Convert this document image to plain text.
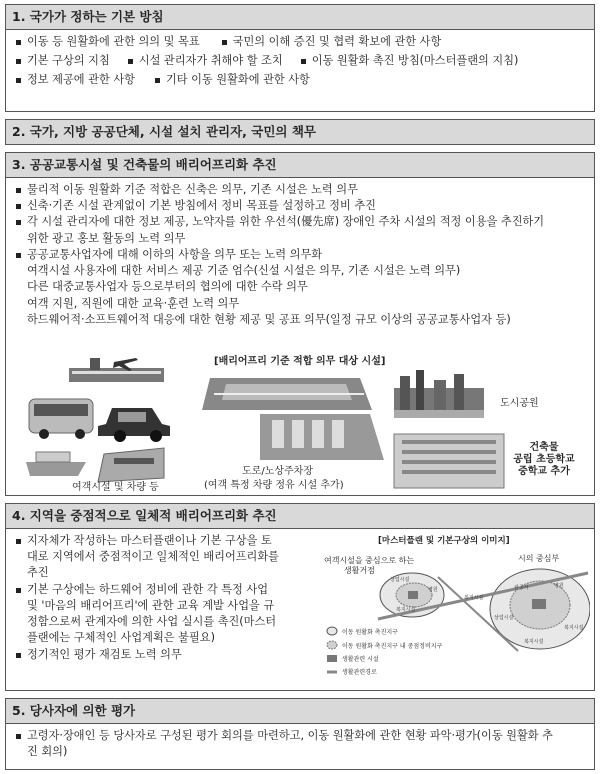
1. 국가가 정하는 기본 방침
이동 등 원활화에 관한 의의 및 목표	국민의 이해 증진 및 협력 확보에 관한 사항
기본 구상의 지침	시설 관리자가 취해야 할 조치	이동 원활화 촉진 방침(마스터플랜의 지침)
정보 제공에 관한 사항	기타 이동 원활화에 관한 사항
2. 국가, 지방 공공단체, 시설 설치 관리자, 국민의 책무
3. 공공교통시설 및 건축물의 배리어프리화 추진
물리적 이동 원활화 기준 적합은 신축은 의무, 기존 시설은 노력 의무
신축·기존 시설 관계없이 기본 방침에서 정비 목표를 설정하고 정비 추진
각 시설 관리자에 대한 정보 제공, 노약자를 위한 우선석(優先席) 장애인 주차 시설의 적정 이용을 추진하기
위한 광고 홍보 활동의 노력 의무
공공교통사업자에 대해 이하의 사항을 의무 또는 노력 의무화
여객시설 사용자에 대한 서비스 제공 기준 엄수(신설 시설은 의무, 기존 시설은 노력 의무)
다른 대중교통사업자 등으로부터의 협의에 대한 수락 의무
여객 지원, 직원에 대한 교육·훈련 노력 의무
하드웨어적·소프트웨어적 대응에 대한 현황 제공 및 공표 의무(일정 규모 이상의 공공교통사업자 등)
여객시설 및 차량 등
[배리어프리 기준 적합 의무 대상 시설]
도로/노상주차장
(여객 특정 차량 정유 시설 추가)
도시공원
건축물
공립 초등학교
중학교 추가
4. 지역을 중점적으로 일체적 배리어프리화 추진
지자체가 작성하는 마스터플랜이나 기본 구상을 토
대로 지역에서 중점적이고 일체적인 배리어프리화를
추진
기본 구상에는 하드웨어 정비에 관한 각 특정 사업
및 '마음의 배리어프리'에 관한 교육 계발 사업을 규
정함으로써 관계자에 의한 사업 실시를 촉진(마스터
플랜에는 구체적인 사업계획은 불필요)
정기적인 평가 재검토 노력 의무
[마스터플랜 및 기본구상의 이미지]
여객시설을 중심으로 하는
생활거점
시의 중심부
상업시설
병원
복지시설
복지시설
상업시설
병원
관공서
복지시설
복지시설
이동 원활화 촉진지구
이동 원활화 촉진지구 내 중점정비지구
생활관련 시설
생활관련경로
5. 당사자에 의한 평가
고령자·장애인 등 당사자로 구성된 평가 회의를 마련하고, 이동 원활화에 관한 현황 파악·평가(이동 원활화 추
진 회의)
